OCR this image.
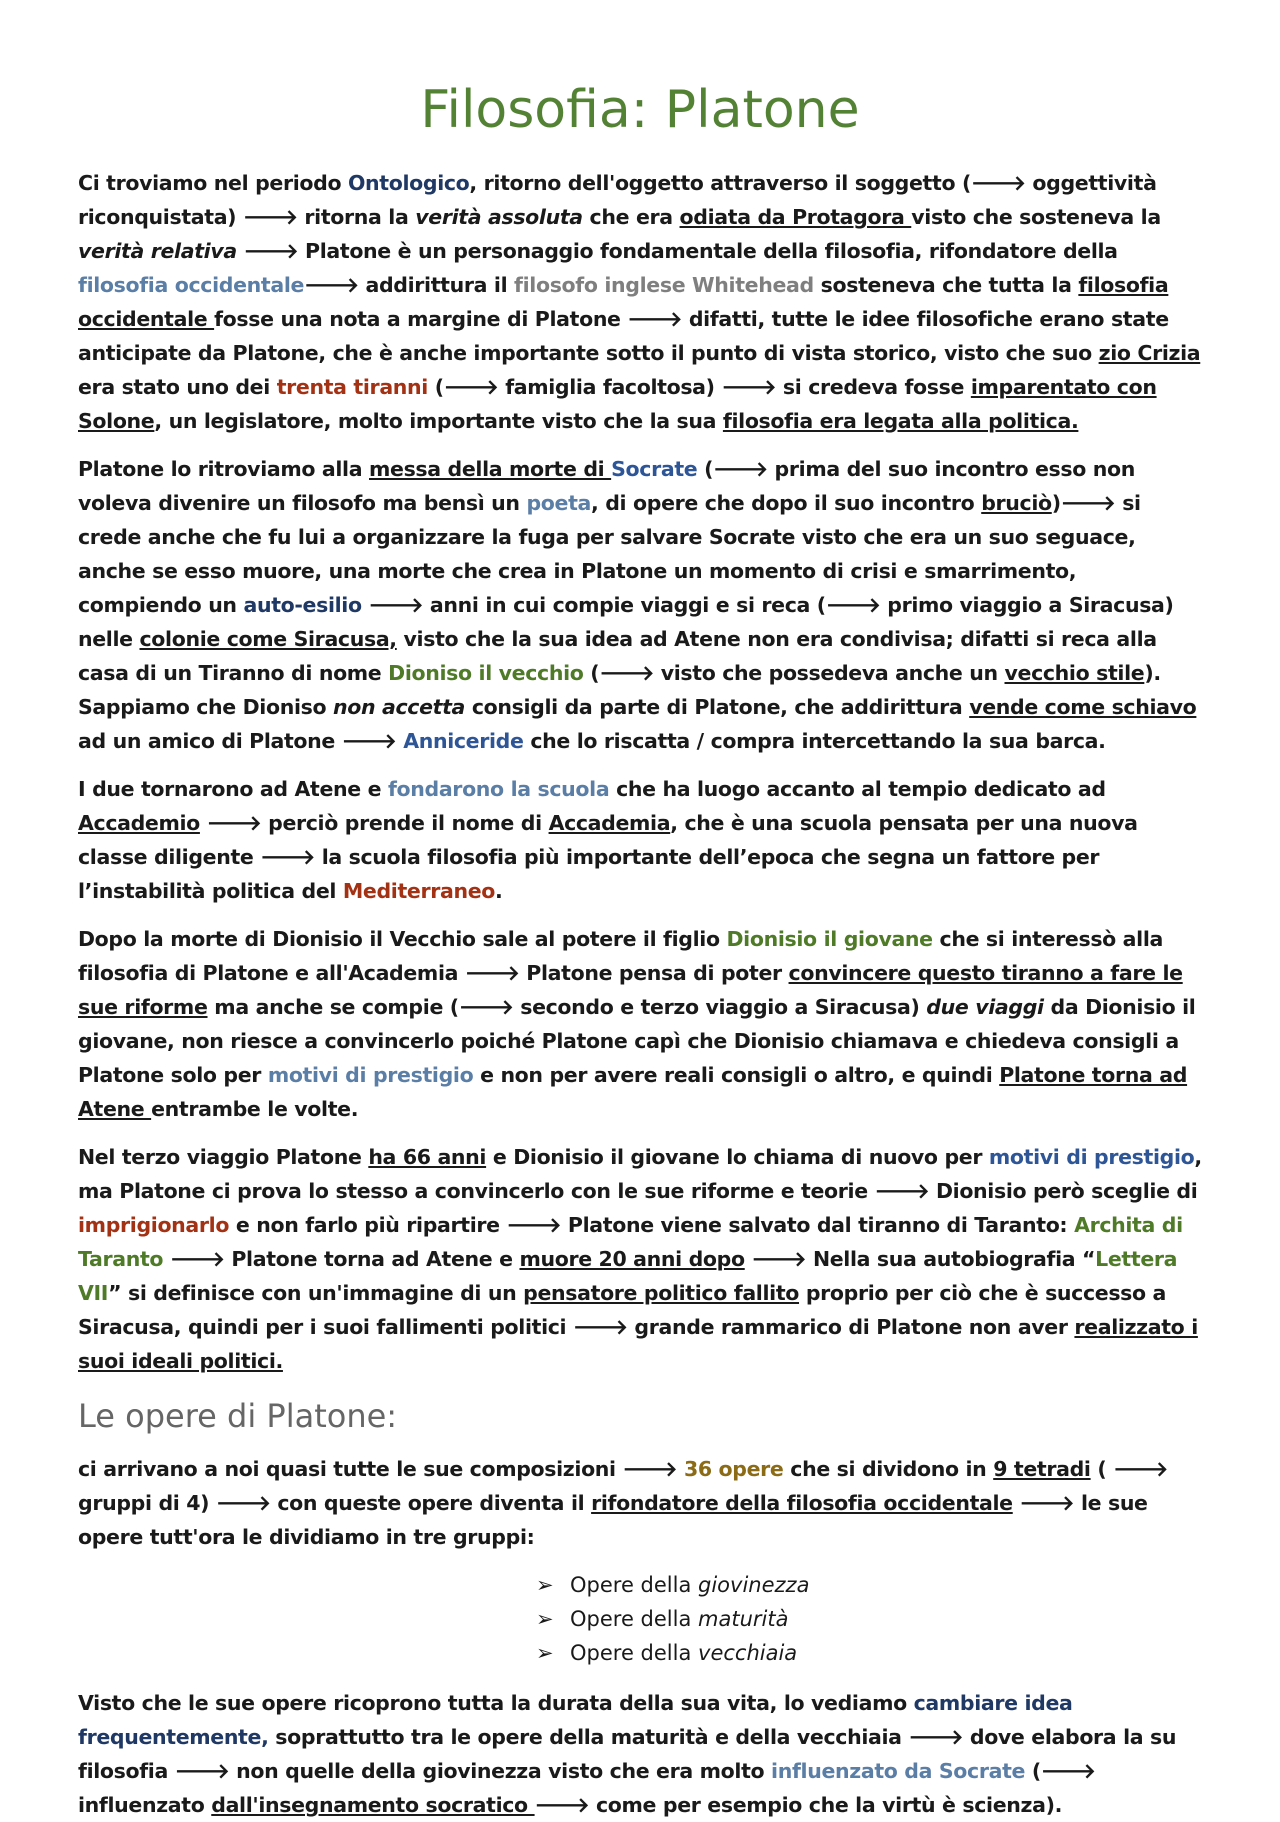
Filosofia: Platone

Ci troviamo nel periodo Ontologico, ritorno dell'oggetto attraverso il soggetto (🡒 oggettività riconquistata) 🡒 ritorna la verità assoluta che era odiata da Protagora visto che sosteneva la verità relativa 🡒 Platone è un personaggio fondamentale della filosofia, rifondatore della filosofia occidentale🡒 addirittura il filosofo inglese Whitehead sosteneva che tutta la filosofia occidentale fosse una nota a margine di Platone 🡒 difatti, tutte le idee filosofiche erano state anticipate da Platone, che è anche importante sotto il punto di vista storico, visto che suo zio Crizia era stato uno dei trenta tiranni (🡒 famiglia facoltosa) 🡒 si credeva fosse imparentato con Solone, un legislatore, molto importante visto che la sua filosofia era legata alla politica.

Platone lo ritroviamo alla messa della morte di Socrate (🡒 prima del suo incontro esso non voleva divenire un filosofo ma bensì un poeta, di opere che dopo il suo incontro bruciò)🡒 si crede anche che fu lui a organizzare la fuga per salvare Socrate visto che era un suo seguace, anche se esso muore, una morte che crea in Platone un momento di crisi e smarrimento, compiendo un auto-esilio 🡒 anni in cui compie viaggi e si reca (🡒 primo viaggio a Siracusa) nelle colonie come Siracusa, visto che la sua idea ad Atene non era condivisa; difatti si reca alla casa di un Tiranno di nome Dioniso il vecchio (🡒 visto che possedeva anche un vecchio stile). Sappiamo che Dioniso non accetta consigli da parte di Platone, che addirittura vende come schiavo ad un amico di Platone 🡒 Anniceride che lo riscatta / compra intercettando la sua barca.

I due tornarono ad Atene e fondarono la scuola che ha luogo accanto al tempio dedicato ad Accademio 🡒 perciò prende il nome di Accademia, che è una scuola pensata per una nuova classe diligente 🡒 la scuola filosofia più importante dell’epoca che segna un fattore per l’instabilità politica del Mediterraneo.

Dopo la morte di Dionisio il Vecchio sale al potere il figlio Dionisio il giovane che si interessò alla filosofia di Platone e all'Academia 🡒 Platone pensa di poter convincere questo tiranno a fare le sue riforme ma anche se compie (🡒 secondo e terzo viaggio a Siracusa) due viaggi da Dionisio il giovane, non riesce a convincerlo poiché Platone capì che Dionisio chiamava e chiedeva consigli a Platone solo per motivi di prestigio e non per avere reali consigli o altro, e quindi Platone torna ad Atene entrambe le volte.

Nel terzo viaggio Platone ha 66 anni e Dionisio il giovane lo chiama di nuovo per motivi di prestigio, ma Platone ci prova lo stesso a convincerlo con le sue riforme e teorie 🡒 Dionisio però sceglie di imprigionarlo e non farlo più ripartire 🡒 Platone viene salvato dal tiranno di Taranto: Archita di Taranto 🡒 Platone torna ad Atene e muore 20 anni dopo 🡒 Nella sua autobiografia “Lettera VII” si definisce con un'immagine di un pensatore politico fallito proprio per ciò che è successo a Siracusa, quindi per i suoi fallimenti politici 🡒 grande rammarico di Platone non aver realizzato i suoi ideali politici.

Le opere di Platone:

ci arrivano a noi quasi tutte le sue composizioni 🡒 36 opere che si dividono in 9 tetradi ( 🡒 gruppi di 4) 🡒 con queste opere diventa il rifondatore della filosofia occidentale 🡒 le sue opere tutt'ora le dividiamo in tre gruppi:

➢ Opere della giovinezza
➢ Opere della maturità
➢ Opere della vecchiaia

Visto che le sue opere ricoprono tutta la durata della sua vita, lo vediamo cambiare idea frequentemente, soprattutto tra le opere della maturità e della vecchiaia 🡒 dove elabora la su filosofia 🡒 non quelle della giovinezza visto che era molto influenzato da Socrate (🡒 influenzato dall'insegnamento socratico 🡒 come per esempio che la virtù è scienza).
